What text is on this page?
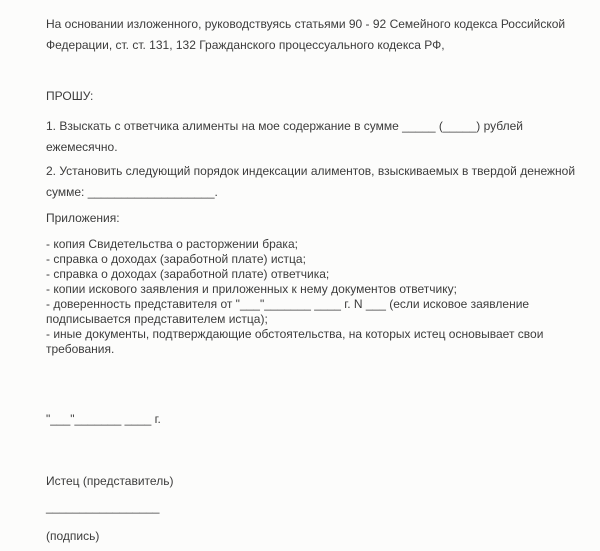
На основании изложенного, руководствуясь статьями 90 - 92 Семейного кодекса Российской
Федерации, ст. ст. 131, 132 Гражданского процессуального кодекса РФ,
ПРОШУ:
1. Взыскать с ответчика алименты на мое содержание в сумме _____ (_____) рублей
ежемесячно.
2. Установить следующий порядок индексации алиментов, взыскиваемых в твердой денежной
сумме: ___________________.
Приложения:
- копия Свидетельства о расторжении брака;
- справка о доходах (заработной плате) истца;
- справка о доходах (заработной плате) ответчика;
- копии искового заявления и приложенных к нему документов ответчику;
- доверенность представителя от "___"_______ ____ г. N ___ (если исковое заявление
подписывается представителем истца);
- иные документы, подтверждающие обстоятельства, на которых истец основывает свои
требования.
"___"_______ ____ г.
Истец (представитель)
_________________
(подпись)
